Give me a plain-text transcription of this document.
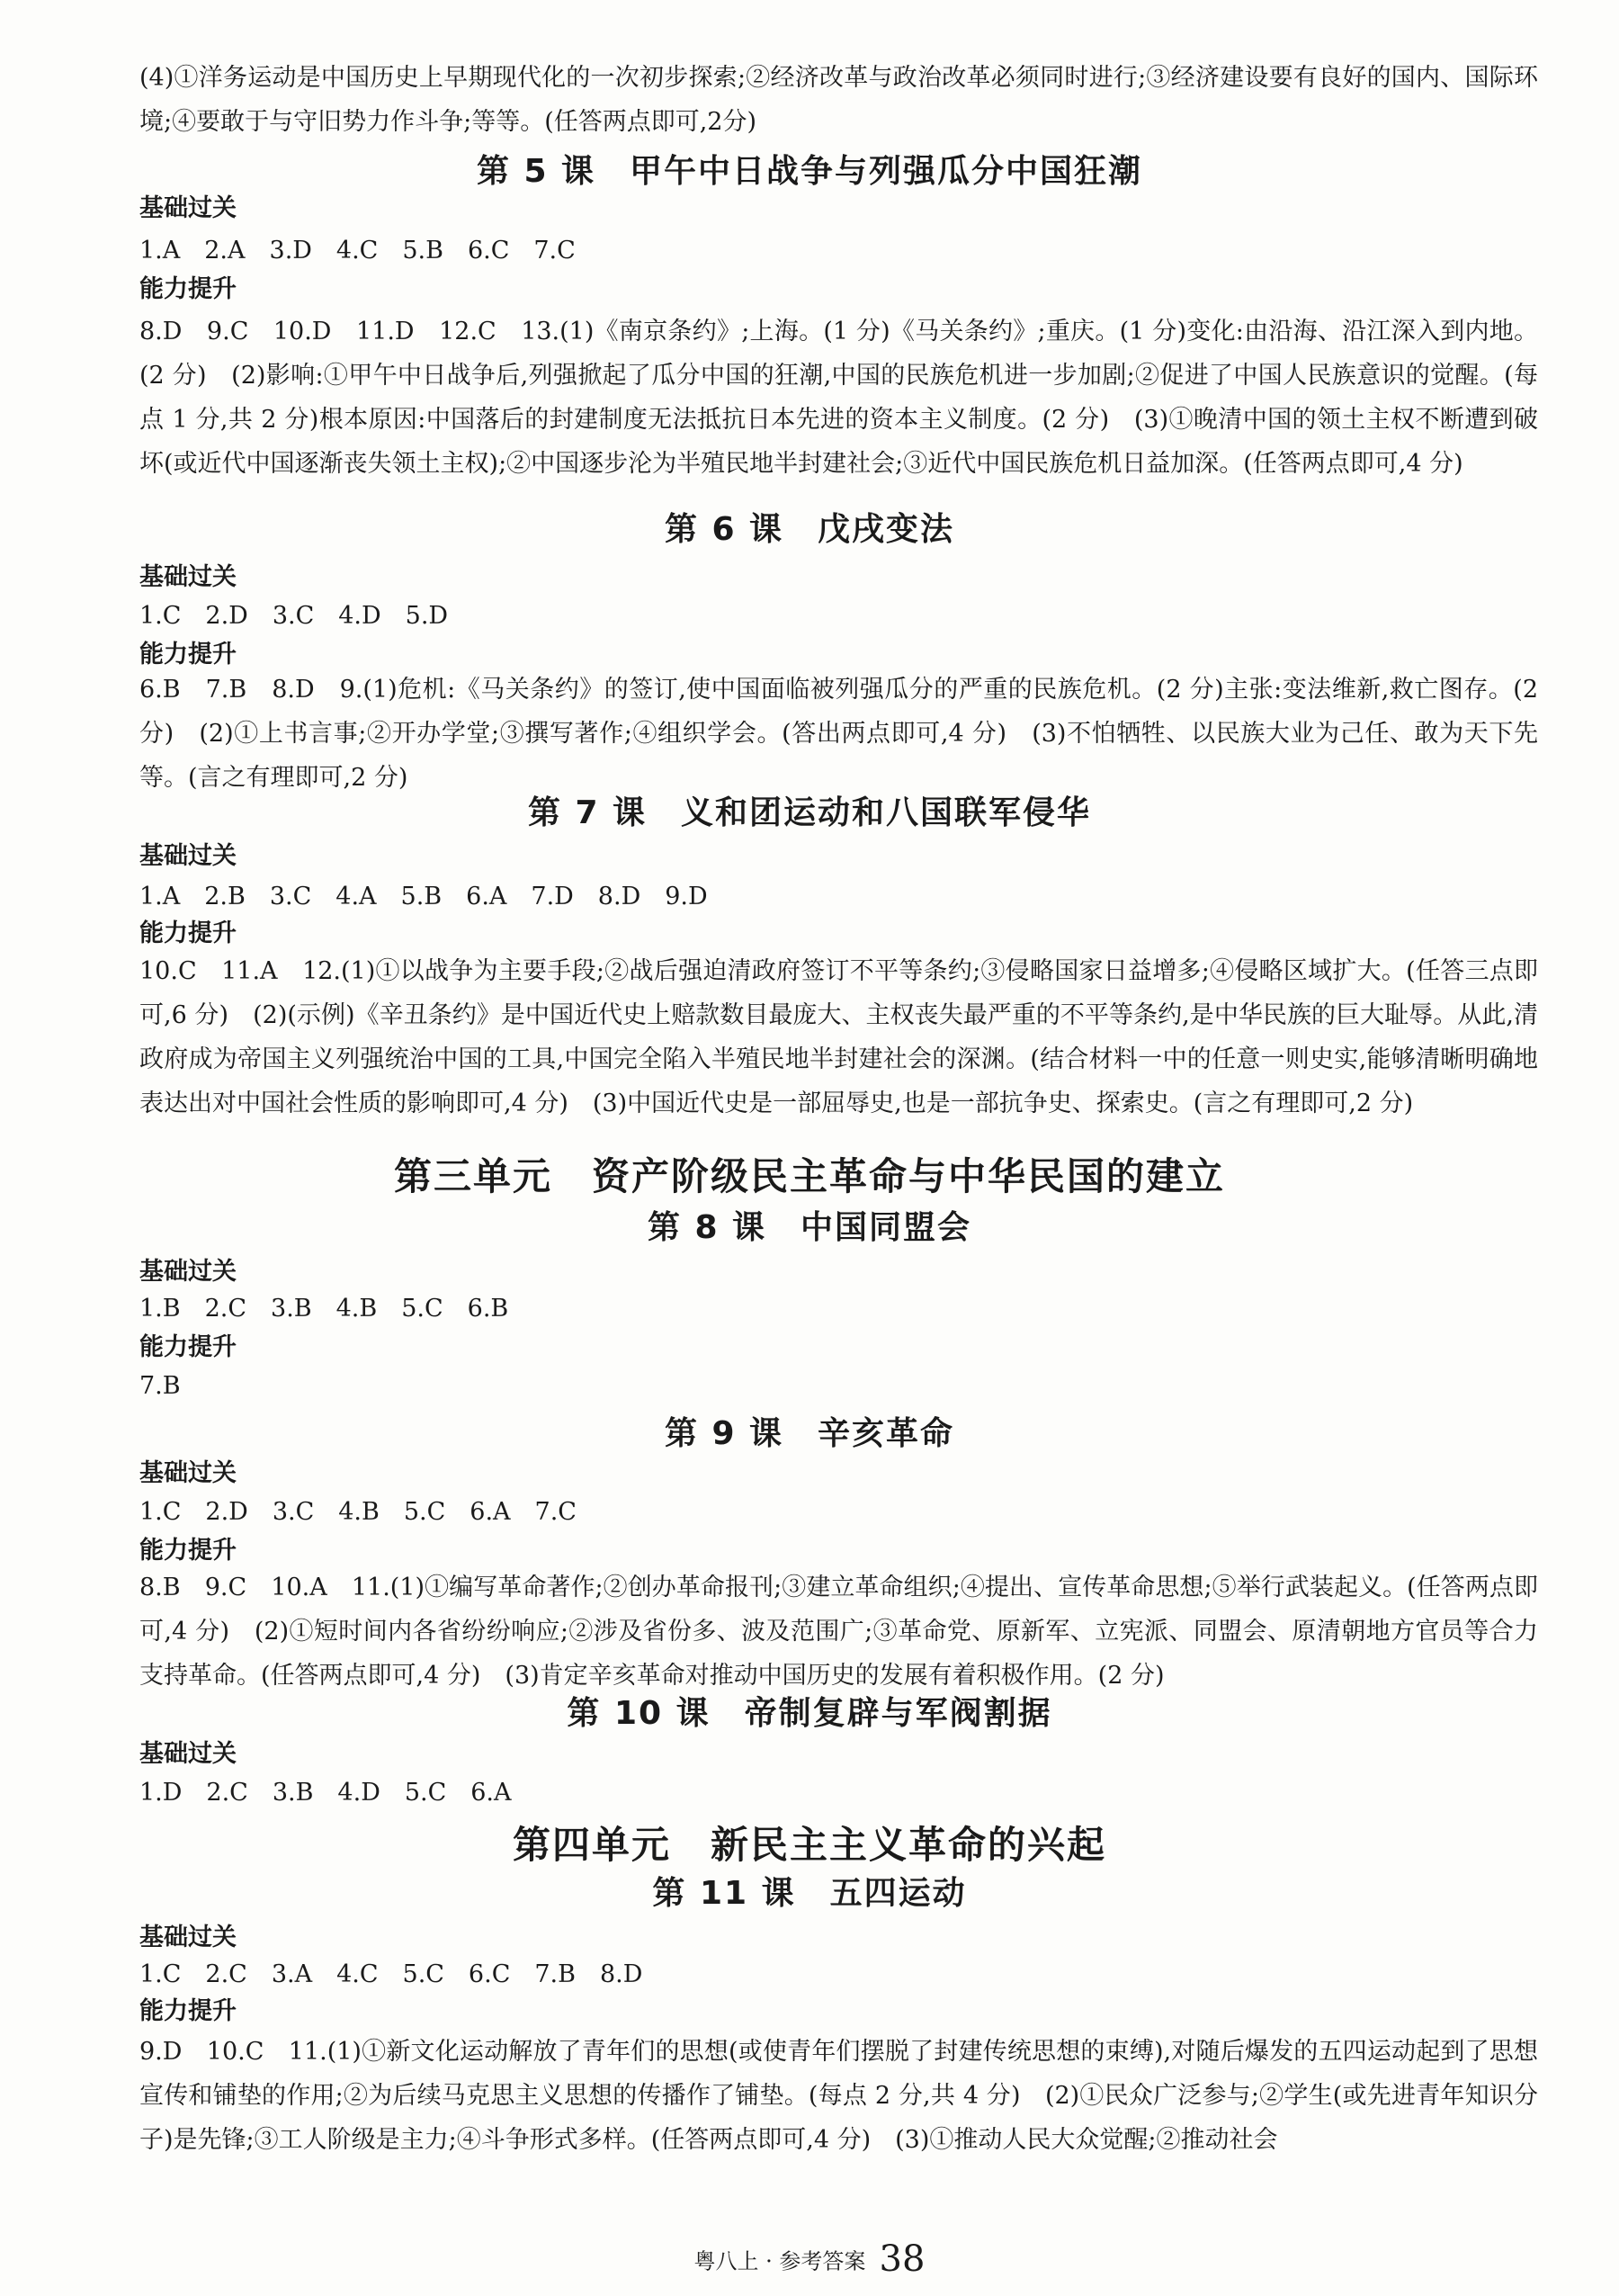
(4)①洋务运动是中国历史上早期现代化的一次初步探索;②经济改革与政治改革必须同时进行;③经济建设要有良好的国内、国际环境;④要敢于与守旧势力作斗争;等等。(任答两点即可,2分)

第 5 课　甲午中日战争与列强瓜分中国狂潮

基础过关

1.A　2.A　3.D　4.C　5.B　6.C　7.C

能力提升

8.D　9.C　10.D　11.D　12.C　13.(1)《南京条约》;上海。(1 分)《马关条约》;重庆。(1 分)变化:由沿海、沿江深入到内地。(2 分)　(2)影响:①甲午中日战争后,列强掀起了瓜分中国的狂潮,中国的民族危机进一步加剧;②促进了中国人民族意识的觉醒。(每点 1 分,共 2 分)根本原因:中国落后的封建制度无法抵抗日本先进的资本主义制度。(2 分)　(3)①晚清中国的领土主权不断遭到破坏(或近代中国逐渐丧失领土主权);②中国逐步沦为半殖民地半封建社会;③近代中国民族危机日益加深。(任答两点即可,4 分)

第 6 课　戊戌变法

基础过关

1.C　2.D　3.C　4.D　5.D

能力提升

6.B　7.B　8.D　9.(1)危机:《马关条约》的签订,使中国面临被列强瓜分的严重的民族危机。(2 分)主张:变法维新,救亡图存。(2 分)　(2)①上书言事;②开办学堂;③撰写著作;④组织学会。(答出两点即可,4 分)　(3)不怕牺牲、以民族大业为己任、敢为天下先等。(言之有理即可,2 分)

第 7 课　义和团运动和八国联军侵华

基础过关

1.A　2.B　3.C　4.A　5.B　6.A　7.D　8.D　9.D

能力提升

10.C　11.A　12.(1)①以战争为主要手段;②战后强迫清政府签订不平等条约;③侵略国家日益增多;④侵略区域扩大。(任答三点即可,6 分)　(2)(示例)《辛丑条约》是中国近代史上赔款数目最庞大、主权丧失最严重的不平等条约,是中华民族的巨大耻辱。从此,清政府成为帝国主义列强统治中国的工具,中国完全陷入半殖民地半封建社会的深渊。(结合材料一中的任意一则史实,能够清晰明确地表达出对中国社会性质的影响即可,4 分)　(3)中国近代史是一部屈辱史,也是一部抗争史、探索史。(言之有理即可,2 分)

第三单元　资产阶级民主革命与中华民国的建立
第 8 课　中国同盟会

基础过关

1.B　2.C　3.B　4.B　5.C　6.B

能力提升

7.B

第 9 课　辛亥革命

基础过关

1.C　2.D　3.C　4.B　5.C　6.A　7.C

能力提升

8.B　9.C　10.A　11.(1)①编写革命著作;②创办革命报刊;③建立革命组织;④提出、宣传革命思想;⑤举行武装起义。(任答两点即可,4 分)　(2)①短时间内各省纷纷响应;②涉及省份多、波及范围广;③革命党、原新军、立宪派、同盟会、原清朝地方官员等合力支持革命。(任答两点即可,4 分)　(3)肯定辛亥革命对推动中国历史的发展有着积极作用。(2 分)

第 10 课　帝制复辟与军阀割据

基础过关

1.D　2.C　3.B　4.D　5.C　6.A

第四单元　新民主主义革命的兴起
第 11 课　五四运动

基础过关

1.C　2.C　3.A　4.C　5.C　6.C　7.B　8.D

能力提升

9.D　10.C　11.(1)①新文化运动解放了青年们的思想(或使青年们摆脱了封建传统思想的束缚),对随后爆发的五四运动起到了思想宣传和铺垫的作用;②为后续马克思主义思想的传播作了铺垫。(每点 2 分,共 4 分)　(2)①民众广泛参与;②学生(或先进青年知识分子)是先锋;③工人阶级是主力;④斗争形式多样。(任答两点即可,4 分)　(3)①推动人民大众觉醒;②推动社会

粤八上 · 参考答案 38
